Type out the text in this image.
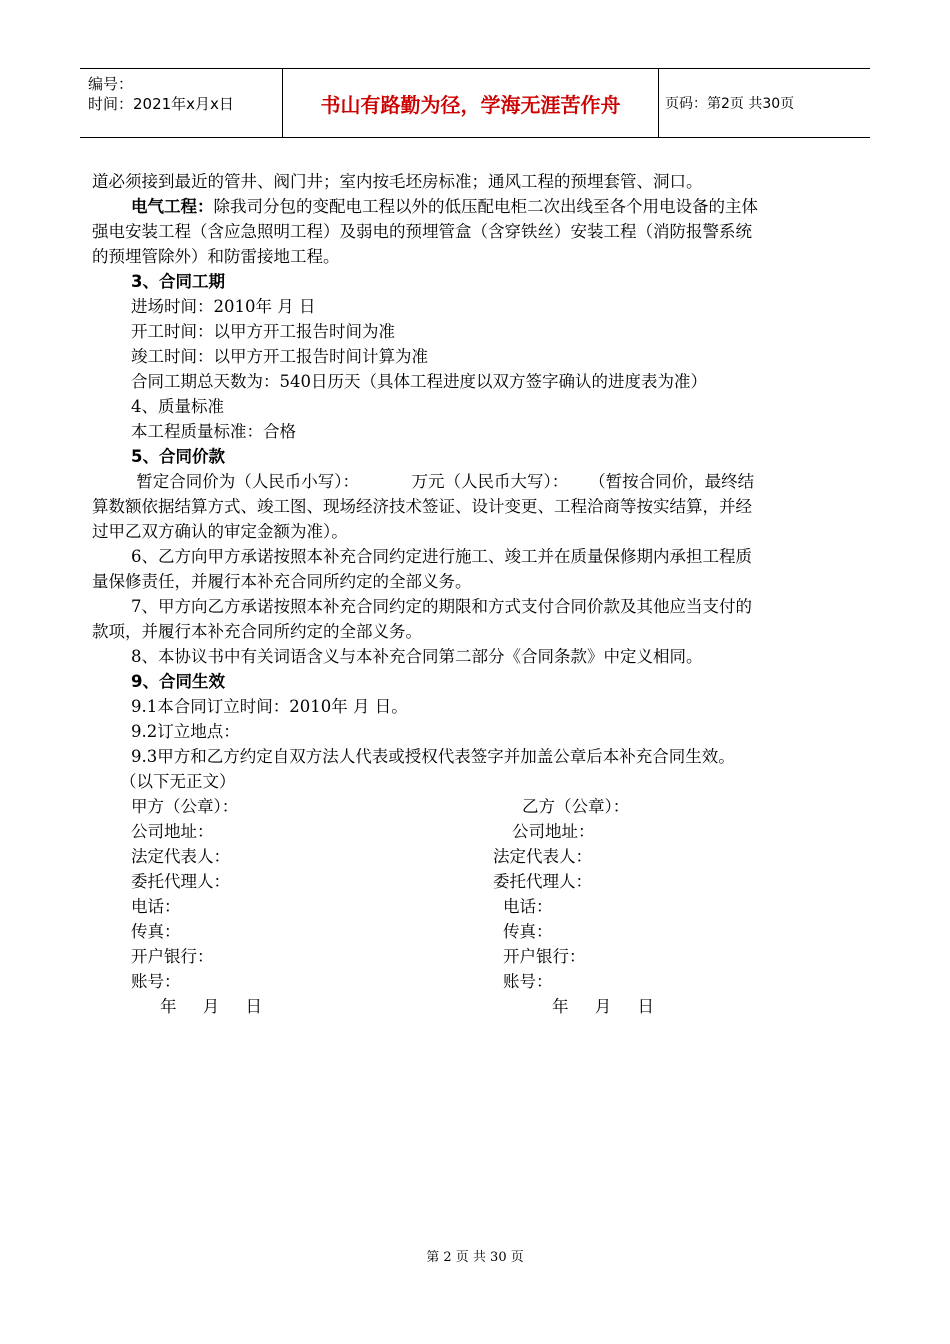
编号：
时间：2021年x月x日	书山有路勤为径，学海无涯苦作舟	页码：第2页 共30页
道必须接到最近的管井、阀门井；室内按毛坯房标准；通风工程的预埋套管、洞口。
电气工程：除我司分包的变配电工程以外的低压配电柜二次出线至各个用电设备的主体
强电安装工程（含应急照明工程）及弱电的预埋管盒（含穿铁丝）安装工程（消防报警系统
的预埋管除外）和防雷接地工程。
3、合同工期
进场时间：2010年 月 日
开工时间：以甲方开工报告时间为准
竣工时间：以甲方开工报告时间计算为准
合同工期总天数为：540日历天（具体工程进度以双方签字确认的进度表为准）
4、质量标准
本工程质量标准：合格
5、合同价款
暂定合同价为（人民币小写）：          万元（人民币大写）：    （暂按合同价，最终结
算数额依据结算方式、竣工图、现场经济技术签证、设计变更、工程洽商等按实结算，并经
过甲乙双方确认的审定金额为准）。
6、乙方向甲方承诺按照本补充合同约定进行施工、竣工并在质量保修期内承担工程质
量保修责任，并履行本补充合同所约定的全部义务。
7、甲方向乙方承诺按照本补充合同约定的期限和方式支付合同价款及其他应当支付的
款项，并履行本补充合同所约定的全部义务。
8、本协议书中有关词语含义与本补充合同第二部分《合同条款》中定义相同。
9、合同生效
9.1本合同订立时间：2010年 月 日。
9.2订立地点：
9.3甲方和乙方约定自双方法人代表或授权代表签字并加盖公章后本补充合同生效。
（以下无正文）
甲方（公章）：
公司地址：
法定代表人：
委托代理人：
电话：
传真：
开户银行：
账号：
年     月     日
乙方（公章）：
公司地址：
法定代表人：
委托代理人：
电话：
传真：
开户银行：
账号：
年     月     日
第 2 页 共 30 页
